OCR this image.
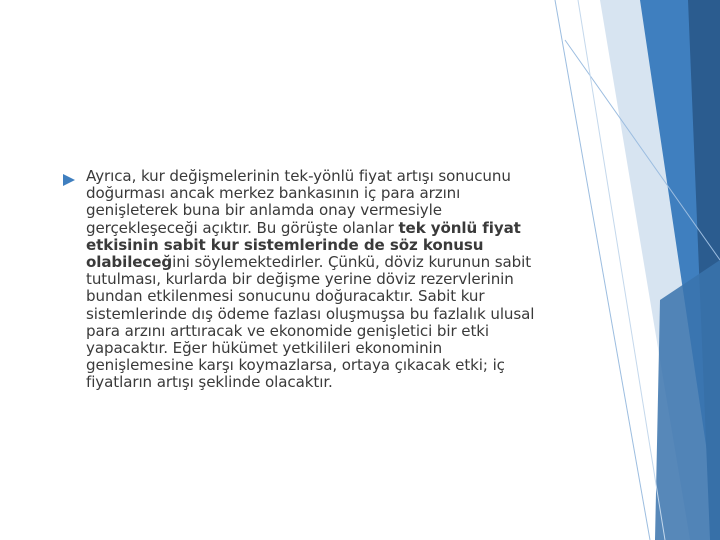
Ayrıca, kur değişmelerinin tek-yönlü fiyat artışı sonucunu doğurması ancak merkez bankasının iç para arzını genişleterek buna bir anlamda onay vermesiyle gerçekleşeceği açıktır. Bu görüşte olanlar tek yönlü fiyat etkisinin sabit kur sistemlerinde de söz konusu olabileceğini söylemektedirler. Çünkü, döviz kurunun sabit tutulması, kurlarda bir değişme yerine döviz rezervlerinin bundan etkilenmesi sonucunu doğuracaktır. Sabit kur sistemlerinde dış ödeme fazlası oluşmuşsa bu fazlalık ulusal para arzını arttıracak ve ekonomide genişletici bir etki yapacaktır. Eğer hükümet yetkilileri ekonominin genişlemesine karşı koymazlarsa, ortaya çıkacak etki; iç fiyatların artışı şeklinde olacaktır.
